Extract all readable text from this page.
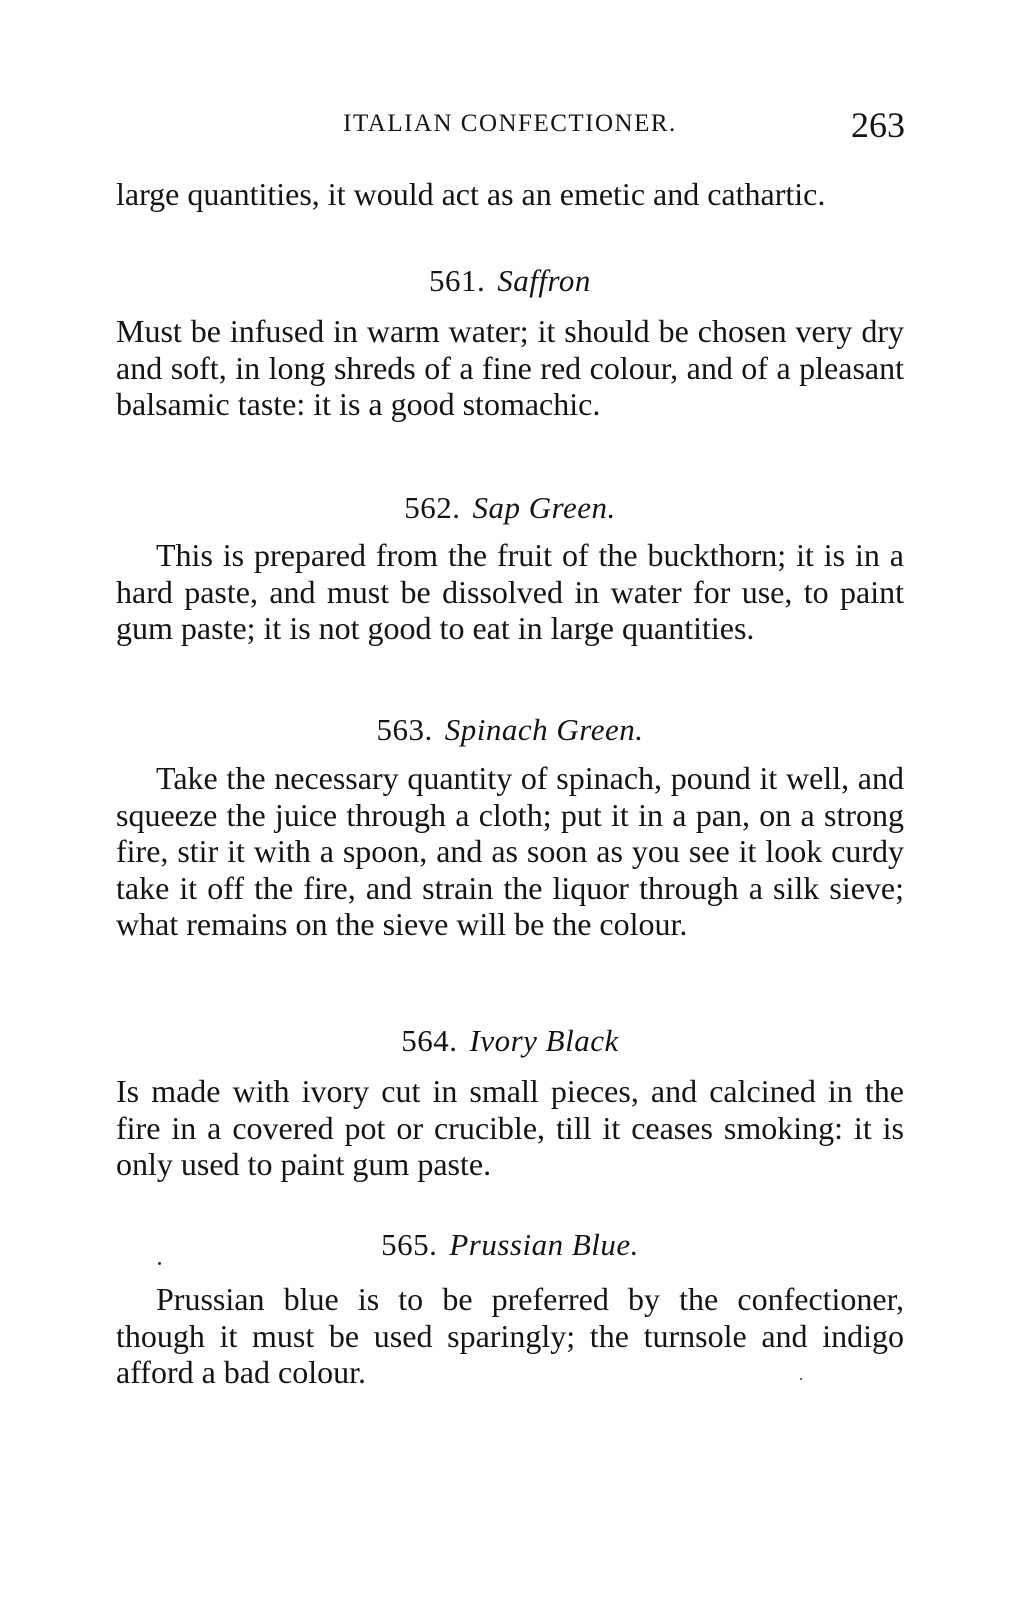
ITALIAN CONFECTIONER.	263

large quantities, it would act as an emetic and cathartic.

561. Saffron

Must be infused in warm water; it should be chosen very dry and soft, in long shreds of a fine red colour, and of a pleasant balsamic taste: it is a good stomachic.

562. Sap Green.

This is prepared from the fruit of the buckthorn; it is in a hard paste, and must be dissolved in water for use, to paint gum paste; it is not good to eat in large quantities.

563. Spinach Green.

Take the necessary quantity of spinach, pound it well, and squeeze the juice through a cloth; put it in a pan, on a strong fire, stir it with a spoon, and as soon as you see it look curdy take it off the fire, and strain the liquor through a silk sieve; what remains on the sieve will be the colour.

564. Ivory Black

Is made with ivory cut in small pieces, and calcined in the fire in a covered pot or crucible, till it ceases smoking: it is only used to paint gum paste.

565. Prussian Blue.

Prussian blue is to be preferred by the confectioner, though it must be used sparingly; the turnsole and indigo afford a bad colour.
